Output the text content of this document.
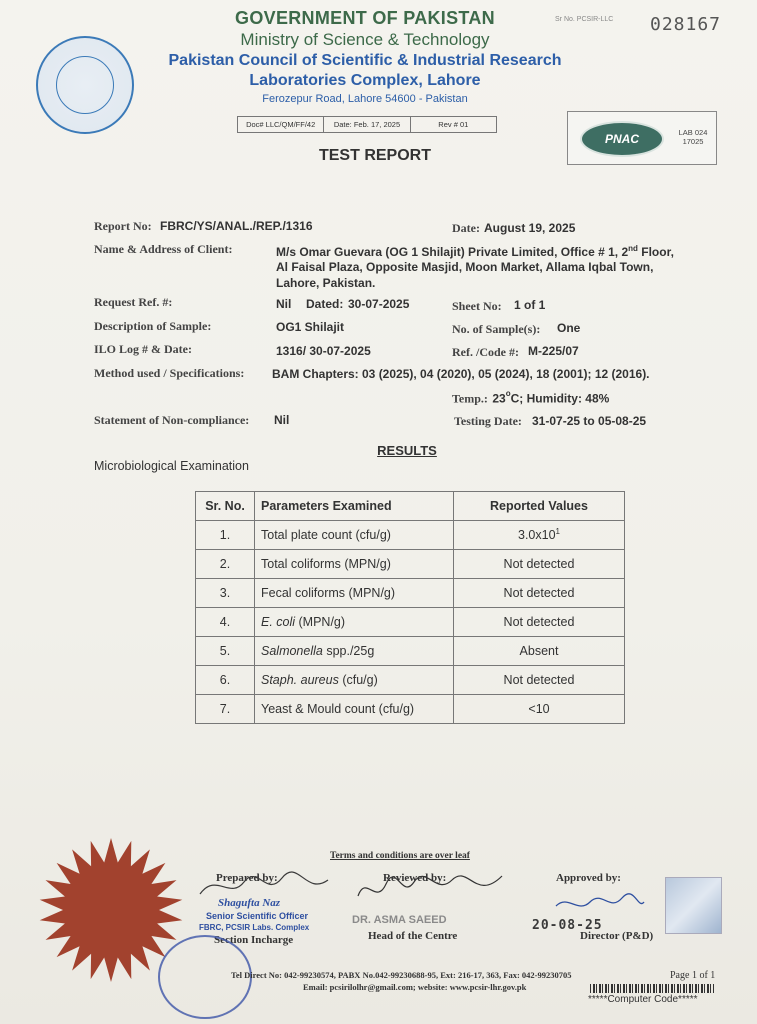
GOVERNMENT OF PAKISTAN
Ministry of Science & Technology
Pakistan Council of Scientific & Industrial Research
Laboratories Complex, Lahore
Ferozepur Road, Lahore 54600 - Pakistan
Doc# LLC/QM/FF/42	Date: Feb. 17, 2025	Rev # 01
Sr No. PCSIR-LLC 028167
PNAC	LAB 024
17025
TEST REPORT
Report No: FBRC/YS/ANAL./REP./1316	Date: August 19, 2025
Name & Address of Client:	M/s Omar Guevara (OG 1 Shilajit) Private Limited, Office # 1, 2nd Floor,
Al Faisal Plaza, Opposite Masjid, Moon Market, Allama Iqbal Town,
Lahore, Pakistan.
Request Ref. #:	Nil Dated: 30-07-2025	Sheet No: 1 of 1
Description of Sample:	OG1 Shilajit	No. of Sample(s): One
ILO Log # & Date:	1316/ 30-07-2025	Ref. /Code #: M-225/07
Method used / Specifications: BAM Chapters: 03 (2025), 04 (2020), 05 (2024), 18 (2001); 12 (2016).
Temp.: 23$^o$C; Humidity: 48%
Statement of Non-compliance: Nil	Testing Date: 31-07-25 to 05-08-25
RESULTS
Microbiological Examination
Sr. No.	Parameters Examined	Reported Values
1.	Total plate count (cfu/g)	$3.0x10^1$
2.	Total coliforms (MPN/g)	Not detected
3.	Fecal coliforms (MPN/g)	Not detected
4.	E. coli (MPN/g)	Not detected
5.	Salmonella spp./25g	Absent
6.	Staph. aureus (cfu/g)	Not detected
7.	Yeast & Mould count (cfu/g)	<10
Terms and conditions are over leaf
Prepared by:
Shagufta Naz
Senior Scientific Officer
FBRC, PCSIR Labs. Complex
Section Incharge
Reviewed by:
DR. ASMA SAEED
Head of the Centre
Approved by:
20-08-25
Director (P&D)
Tel Direct No: 042-99230574, PABX No.042-99230688-95, Ext: 216-17, 363, Fax: 042-99230705
Email: pcsirilolhr@gmail.com; website: www.pcsir-lhr.gov.pk
Page 1 of 1
*****Computer Code*****
